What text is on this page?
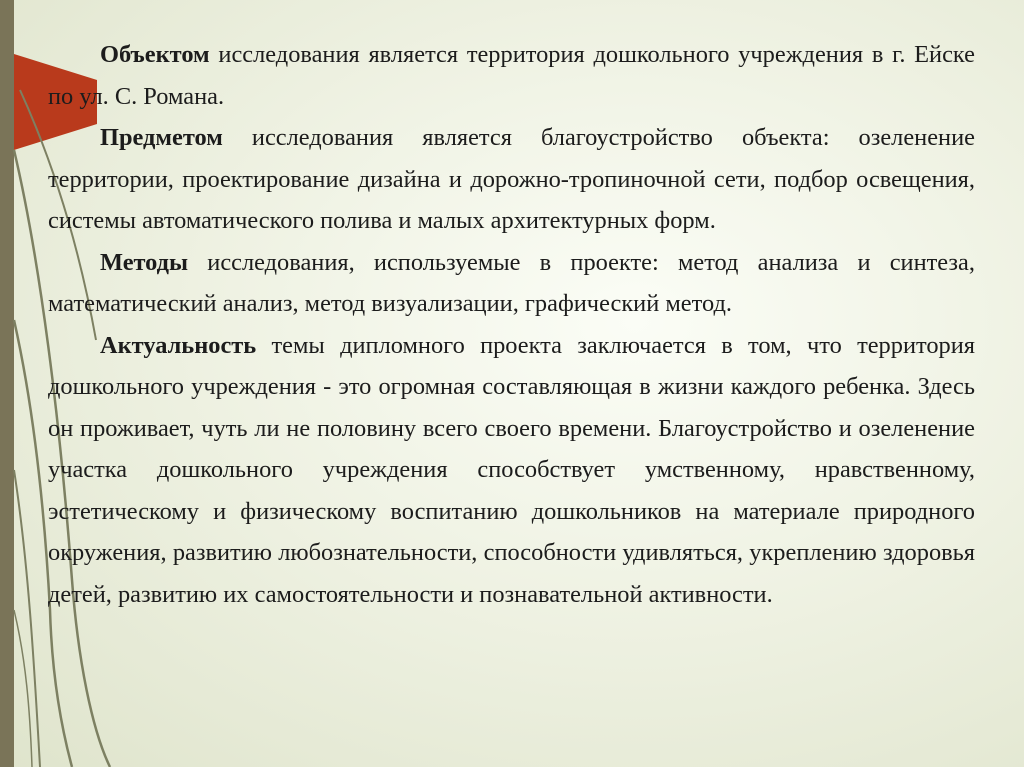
Объектом исследования является территория дошкольного учреждения в г. Ейске по ул. С. Романа.

Предметом исследования является благоустройство объекта: озеленение территории, проектирование дизайна и дорожно-тропиночной сети, подбор освещения, системы автоматического полива и малых архитектурных форм.

Методы исследования, используемые в проекте: метод анализа и синтеза, математический анализ, метод визуализации, графический метод.

Актуальность темы дипломного проекта заключается в том, что территория дошкольного учреждения - это огромная составляющая в жизни каждого ребенка. Здесь он проживает, чуть ли не половину всего своего времени. Благоустройство и озеленение участка дошкольного учреждения способствует умственному, нравственному, эстетическому и физическому воспитанию дошкольников на материале природного окружения, развитию любознательности, способности удивляться, укреплению здоровья детей, развитию их самостоятельности и познавательной активности.
